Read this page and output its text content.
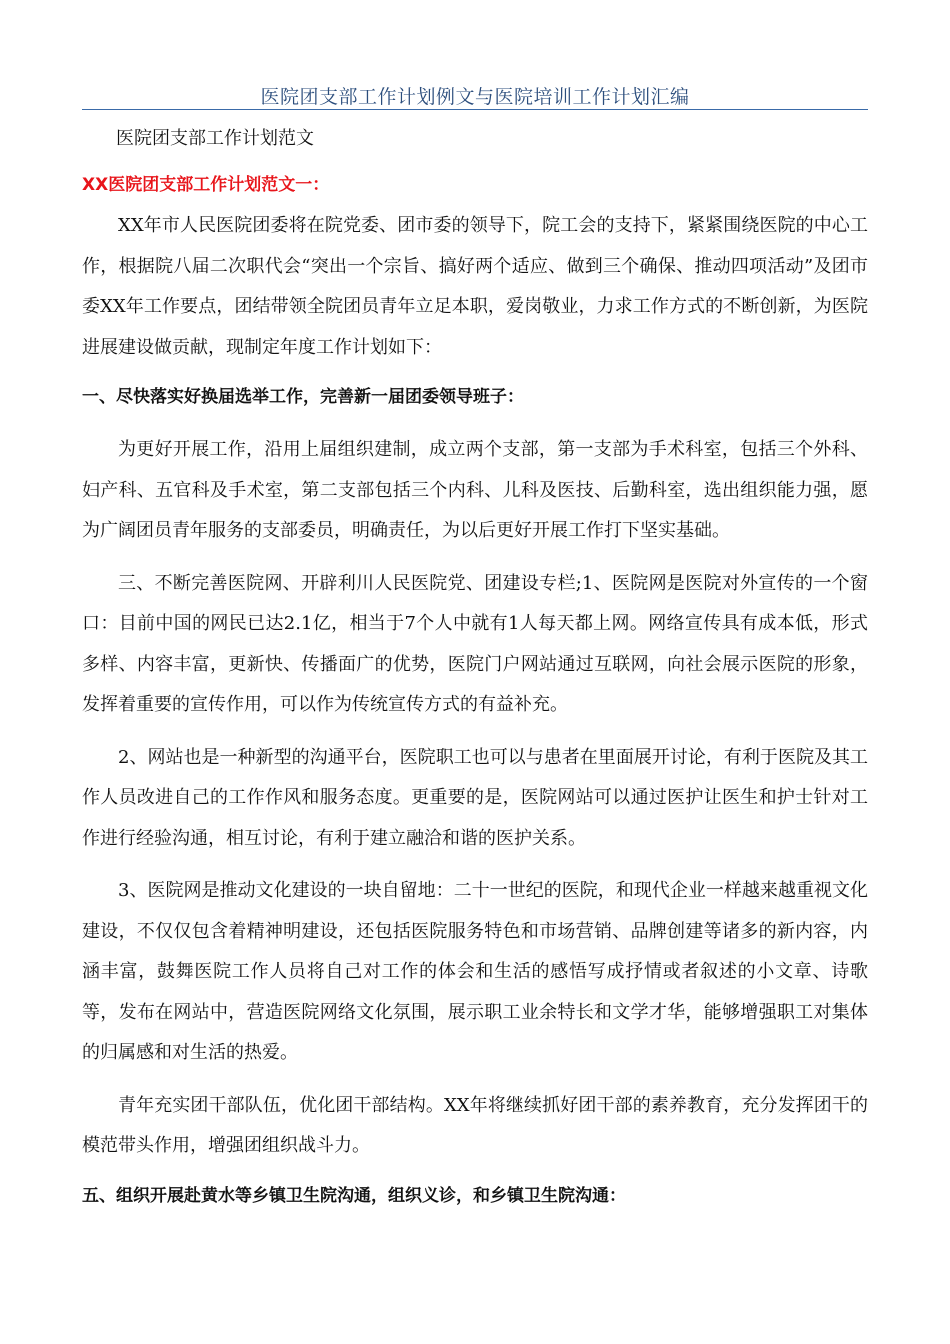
医院团支部工作计划例文与医院培训工作计划汇编
医院团支部工作计划范文
XX医院团支部工作计划范文一：

XX年市人民医院团委将在院党委、团市委的领导下，院工会的支持下，紧紧围绕医院的中心工作，根据院八届二次职代会“突出一个宗旨、搞好两个适应、做到三个确保、推动四项活动”及团市委XX年工作要点，团结带领全院团员青年立足本职，爱岗敬业，力求工作方式的不断创新，为医院进展建设做贡献，现制定年度工作计划如下：

一、尽快落实好换届选举工作，完善新一届团委领导班子：

为更好开展工作，沿用上届组织建制，成立两个支部，第一支部为手术科室，包括三个外科、妇产科、五官科及手术室，第二支部包括三个内科、儿科及医技、后勤科室，选出组织能力强，愿为广阔团员青年服务的支部委员，明确责任，为以后更好开展工作打下坚实基础。

三、不断完善医院网、开辟利川人民医院党、团建设专栏;1、医院网是医院对外宣传的一个窗口：目前中国的网民已达2.1亿，相当于7个人中就有1人每天都上网。网络宣传具有成本低，形式多样、内容丰富，更新快、传播面广的优势，医院门户网站通过互联网，向社会展示医院的形象，发挥着重要的宣传作用，可以作为传统宣传方式的有益补充。

2、网站也是一种新型的沟通平台，医院职工也可以与患者在里面展开讨论，有利于医院及其工作人员改进自己的工作作风和服务态度。更重要的是，医院网站可以通过医护让医生和护士针对工作进行经验沟通，相互讨论，有利于建立融洽和谐的医护关系。

3、医院网是推动文化建设的一块自留地：二十一世纪的医院，和现代企业一样越来越重视文化建设，不仅仅包含着精神明建设，还包括医院服务特色和市场营销、品牌创建等诸多的新内容，内涵丰富，鼓舞医院工作人员将自己对工作的体会和生活的感悟写成抒情或者叙述的小文章、诗歌等，发布在网站中，营造医院网络文化氛围，展示职工业余特长和文学才华，能够增强职工对集体的归属感和对生活的热爱。

青年充实团干部队伍，优化团干部结构。XX年将继续抓好团干部的素养教育，充分发挥团干的模范带头作用，增强团组织战斗力。

五、组织开展赴黄水等乡镇卫生院沟通，组织义诊，和乡镇卫生院沟通：
